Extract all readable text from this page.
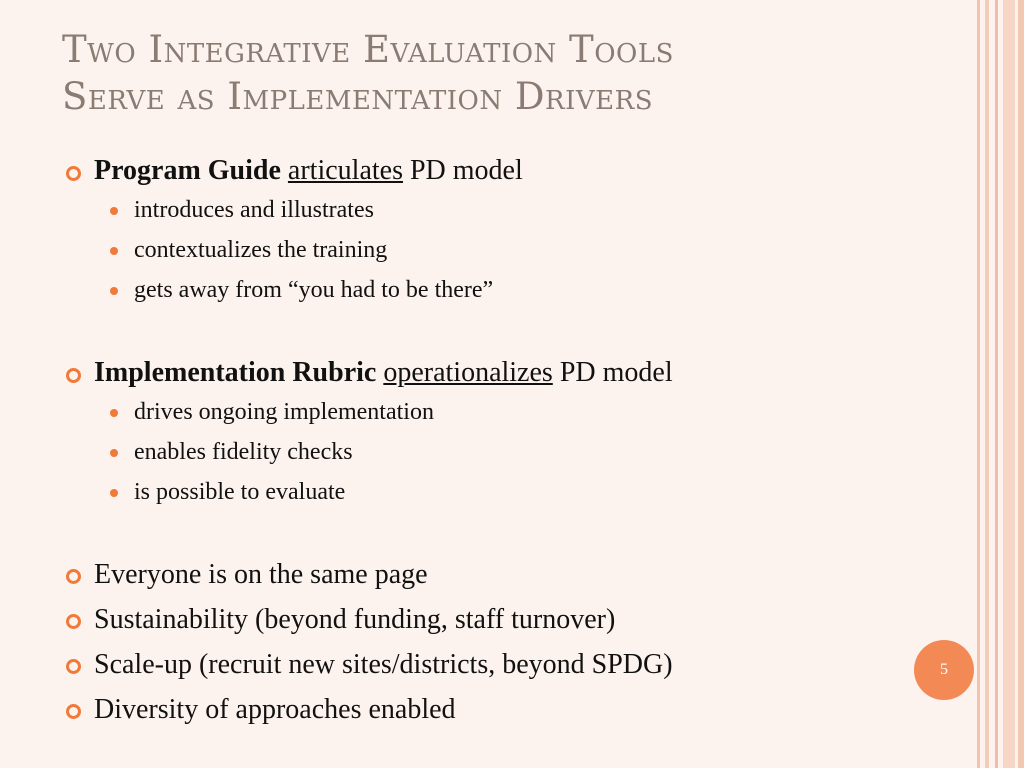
Two Integrative Evaluation Tools
Serve as Implementation Drivers
Program Guide articulates PD model
introduces and illustrates
contextualizes the training
gets away from “you had to be there”
Implementation Rubric operationalizes PD model
drives ongoing implementation
enables fidelity checks
is possible to evaluate
Everyone is on the same page
Sustainability (beyond funding, staff turnover)
Scale-up (recruit new sites/districts, beyond SPDG)
Diversity of approaches enabled
5
